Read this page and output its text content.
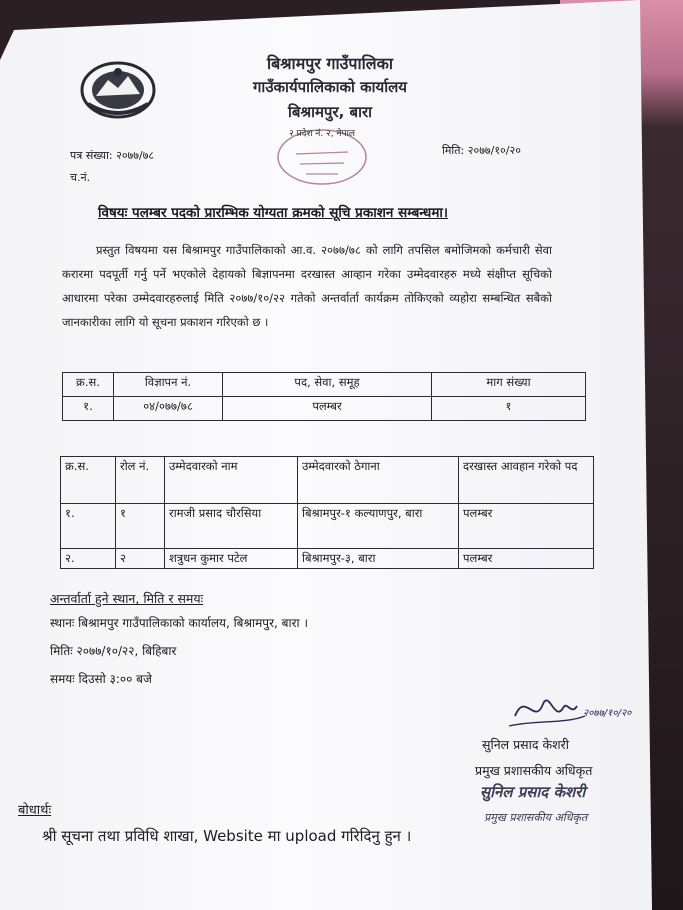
बिश्रामपुर गाउँपालिका
गाउँकार्यपालिकाको कार्यालय
बिश्रामपुर, बारा
२ प्रदेश नं. २, नेपाल
पत्र संख्या: २०७७/७८
च.नं.
मिति: २०७७/१०/२०
विषयः पलम्बर पदको प्रारम्भिक योग्यता क्रमको सूचि प्रकाशन सम्बन्धमा।
प्रस्तुत विषयमा यस बिश्रामपुर गाउँपालिकाको आ.व. २०७७/७८ को लागि तपसिल बमोजिमको कर्मचारी सेवा करारमा पदपूर्ती गर्नु पर्ने भएकोले देहायको बिज्ञापनमा दरखास्त आव्हान गरेका उम्मेदवारहरु मध्ये संक्षीप्त सूचिको आधारमा परेका उम्मेदवारहरुलाई मिति २०७७/१०/२२ गतेको अन्तर्वार्ता कार्यक्रम तोकिएको व्यहोरा सम्बन्धित सबैको जानकारीका लागि यो सूचना प्रकाशन गरिएको छ ।
क्र.स.	विज्ञापन नं.	पद, सेवा, समूह	माग संख्या
१.	०४/०७७/७८	पलम्बर	१
क्र.स.	रोल नं.	उम्मेदवारको नाम	उम्मेदवारको ठेगाना	दरखास्त आवहान गरेको पद
१.	१	रामजी प्रसाद चौरसिया	बिश्रामपुर-१ कल्याणपुर, बारा	पलम्बर
२.	२	शत्रुधन कुमार पटेल	बिश्रामपुर-३, बारा	पलम्बर
अन्तर्वार्ता हुने स्थान, मिति र समयः
स्थानः बिश्रामपुर गाउँपालिकाको कार्यालय, बिश्रामपुर, बारा ।
मितिः २०७७/१०/२२, बिहिबार
समयः दिउसो ३:०० बजे
२०७७/१०/२०
सुनिल प्रसाद केशरी
प्रमुख प्रशासकीय अधिकृत
सुनिल प्रसाद केशरी
प्रमुख प्रशासकीय अधिकृत
बोधार्थः
श्री सूचना तथा प्रविधि शाखा, Website मा upload गरिदिनु हुन ।
